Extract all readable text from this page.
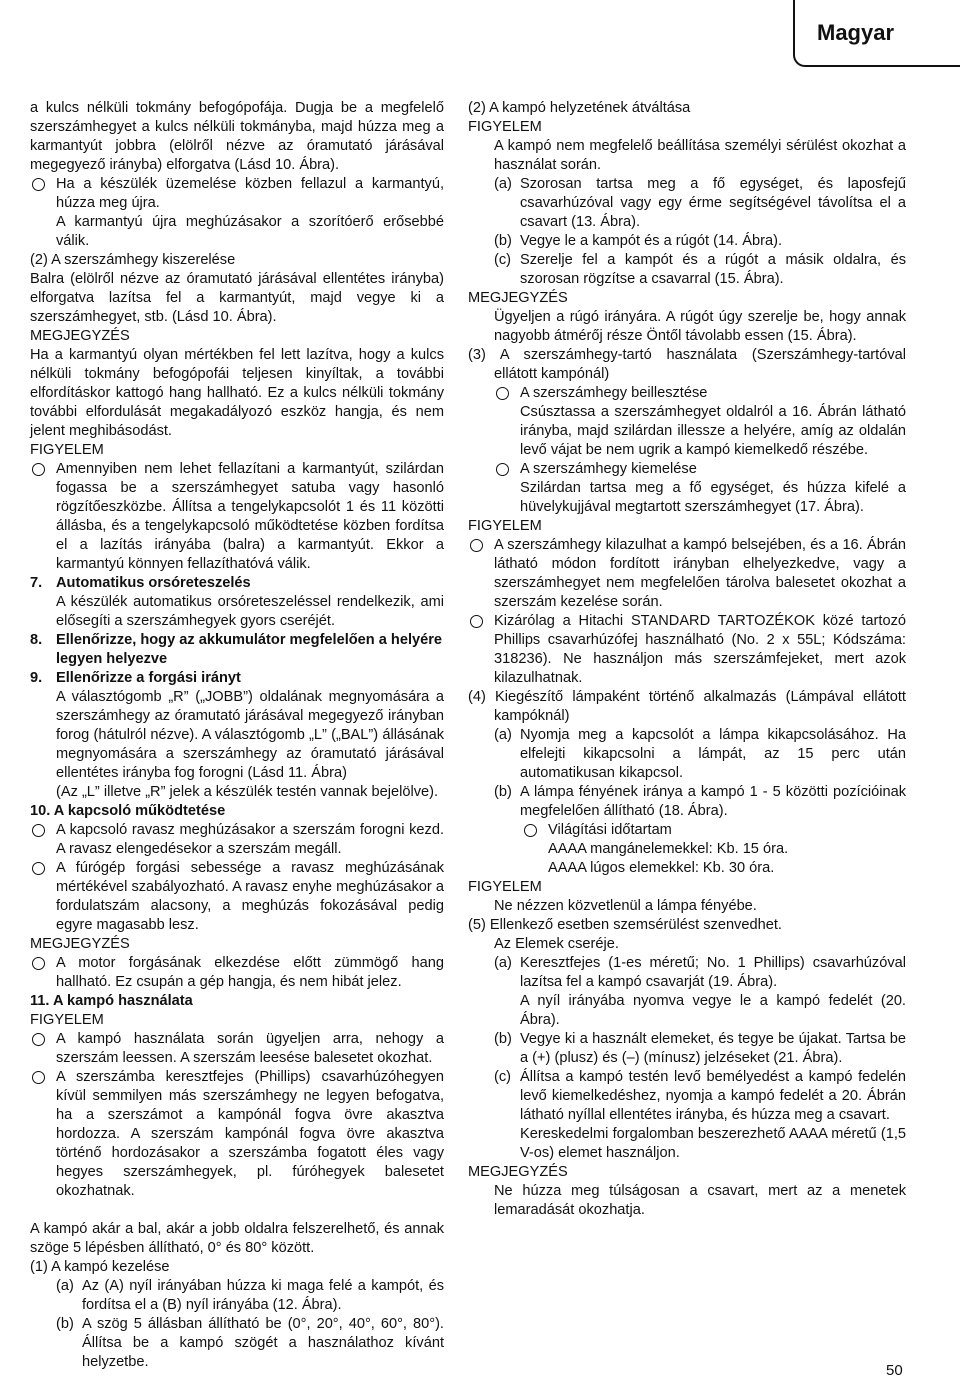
Magyar

a kulcs nélküli tokmány befogópofája. Dugja be a megfelelő szerszámhegyet a kulcs nélküli tokmányba, majd húzza meg a karmantyút jobbra (elölről nézve az óramutató járásával megegyező irányba) elforgatva (Lásd 10. Ábra).

Ha a készülék üzemelése közben fellazul a karmantyú, húzza meg újra.

A karmantyú újra meghúzásakor a szorítóerő erősebbé válik.

(2) A szerszámhegy kiszerelése

Balra (elölről nézve az óramutató járásával ellentétes irányba) elforgatva lazítsa fel a karmantyút, majd vegye ki a szerszámhegyet, stb. (Lásd 10. Ábra).

MEGJEGYZÉS

Ha a karmantyú olyan mértékben fel lett lazítva, hogy a kulcs nélküli tokmány befogópofái teljesen kinyíltak, a további elfordításkor kattogó hang hallható. Ez a kulcs nélküli tokmány további elfordulását megakadályozó eszköz hangja, és nem jelent meghibásodást.

FIGYELEM

Amennyiben nem lehet fellazítani a karmantyút, szilárdan fogassa be a szerszámhegyet satuba vagy hasonló rögzítőeszközbe. Állítsa a tengelykapcsolót 1 és 11 közötti állásba, és a tengelykapcsoló működtetése közben fordítsa el a lazítás irányába (balra) a karmantyút. Ekkor a karmantyú könnyen fellazíthatóvá válik.

7. Automatikus orsóreteszelés

A készülék automatikus orsóreteszeléssel rendelkezik, ami elősegíti a szerszámhegyek gyors cseréjét.

8. Ellenőrizze, hogy az akkumulátor megfelelően a helyére legyen helyezve

9. Ellenőrizze a forgási irányt

A választógomb „R” („JOBB”) oldalának megnyomására a szerszámhegy az óramutató járásával megegyező irányban forog (hátulról nézve). A választógomb „L” („BAL”) állásának megnyomására a szerszámhegy az óramutató járásával ellentétes irányba fog forogni (Lásd 11. Ábra)

(Az „L” illetve „R” jelek a készülék testén vannak bejelölve).

10. A kapcsoló működtetése

A kapcsoló ravasz meghúzásakor a szerszám forogni kezd. A ravasz elengedésekor a szerszám megáll.

A fúrógép forgási sebessége a ravasz meghúzásának mértékével szabályozható. A ravasz enyhe meghúzásakor a fordulatszám alacsony, a meghúzás fokozásával pedig egyre magasabb lesz.

MEGJEGYZÉS

A motor forgásának elkezdése előtt zümmögő hang hallható. Ez csupán a gép hangja, és nem hibát jelez.

11. A kampó használata

FIGYELEM

A kampó használata során ügyeljen arra, nehogy a szerszám leessen. A szerszám leesése balesetet okozhat.

A szerszámba keresztfejes (Phillips) csavarhúzóhegyen kívül semmilyen más szerszámhegy ne legyen befogatva, ha a szerszámot a kampónál fogva övre akasztva hordozza. A szerszám kampónál fogva övre akasztva történő hordozásakor a szerszámba fogatott éles vagy hegyes szerszámhegyek, pl. fúróhegyek balesetet okozhatnak.

A kampó akár a bal, akár a jobb oldalra felszerelhető, és annak szöge 5 lépésben állítható, 0° és 80° között.

(1) A kampó kezelése

(a) Az (A) nyíl irányában húzza ki maga felé a kampót, és fordítsa el a (B) nyíl irányába (12. Ábra).

(b) A szög 5 állásban állítható be (0°, 20°, 40°, 60°, 80°). Állítsa be a kampó szögét a használathoz kívánt helyzetbe.

(2) A kampó helyzetének átváltása

FIGYELEM

A kampó nem megfelelő beállítása személyi sérülést okozhat a használat során.

(a) Szorosan tartsa meg a fő egységet, és laposfejű csavarhúzóval vagy egy érme segítségével távolítsa el a csavart (13. Ábra).

(b) Vegye le a kampót és a rúgót (14. Ábra).

(c) Szerelje fel a kampót és a rúgót a másik oldalra, és szorosan rögzítse a csavarral (15. Ábra).

MEGJEGYZÉS

Ügyeljen a rúgó irányára. A rúgót úgy szerelje be, hogy annak nagyobb átmérőj része Öntől távolabb essen (15. Ábra).

(3) A szerszámhegy-tartó használata (Szerszámhegy-tartóval ellátott kampónál)

A szerszámhegy beillesztése

Csúsztassa a szerszámhegyet oldalról a 16. Ábrán látható irányba, majd szilárdan illessze a helyére, amíg az oldalán levő vájat be nem ugrik a kampó kiemelkedő részébe.

A szerszámhegy kiemelése

Szilárdan tartsa meg a fő egységet, és húzza kifelé a hüvelykujjával megtartott szerszámhegyet (17. Ábra).

FIGYELEM

A szerszámhegy kilazulhat a kampó belsejében, és a 16. Ábrán látható módon fordított irányban elhelyezkedve, vagy a szerszámhegyet nem megfelelően tárolva balesetet okozhat a szerszám kezelése során.

Kizárólag a Hitachi STANDARD TARTOZÉKOK közé tartozó Phillips csavarhúzófej használható (No. 2 x 55L; Kódszáma: 318236). Ne használjon más szerszámfejeket, mert azok kilazulhatnak.

(4) Kiegészítő lámpaként történő alkalmazás (Lámpával ellátott kampóknál)

(a) Nyomja meg a kapcsolót a lámpa kikapcsolásához. Ha elfelejti kikapcsolni a lámpát, az 15 perc után automatikusan kikapcsol.

(b) A lámpa fényének iránya a kampó 1 - 5 közötti pozícióinak megfelelően állítható (18. Ábra).

Világítási időtartam

AAAA mangánelemekkel: Kb. 15 óra.

AAAA lúgos elemekkel: Kb. 30 óra.

FIGYELEM

Ne nézzen közvetlenül a lámpa fényébe.

(5) Ellenkező esetben szemsérülést szenvedhet.

Az Elemek cseréje.

(a) Keresztfejes (1-es méretű; No. 1 Phillips) csavarhúzóval lazítsa fel a kampó csavarját (19. Ábra).

A nyíl irányába nyomva vegye le a kampó fedelét (20. Ábra).

(b) Vegye ki a használt elemeket, és tegye be újakat. Tartsa be a (+) (plusz) és (–) (mínusz) jelzéseket (21. Ábra).

(c) Állítsa a kampó testén levő bemélyedést a kampó fedelén levő kiemelkedéshez, nyomja a kampó fedelét a 20. Ábrán látható nyíllal ellentétes irányba, és húzza meg a csavart.

Kereskedelmi forgalomban beszerezhető AAAA méretű (1,5 V-os) elemet használjon.

MEGJEGYZÉS

Ne húzza meg túlságosan a csavart, mert az a menetek lemaradását okozhatja.

50
